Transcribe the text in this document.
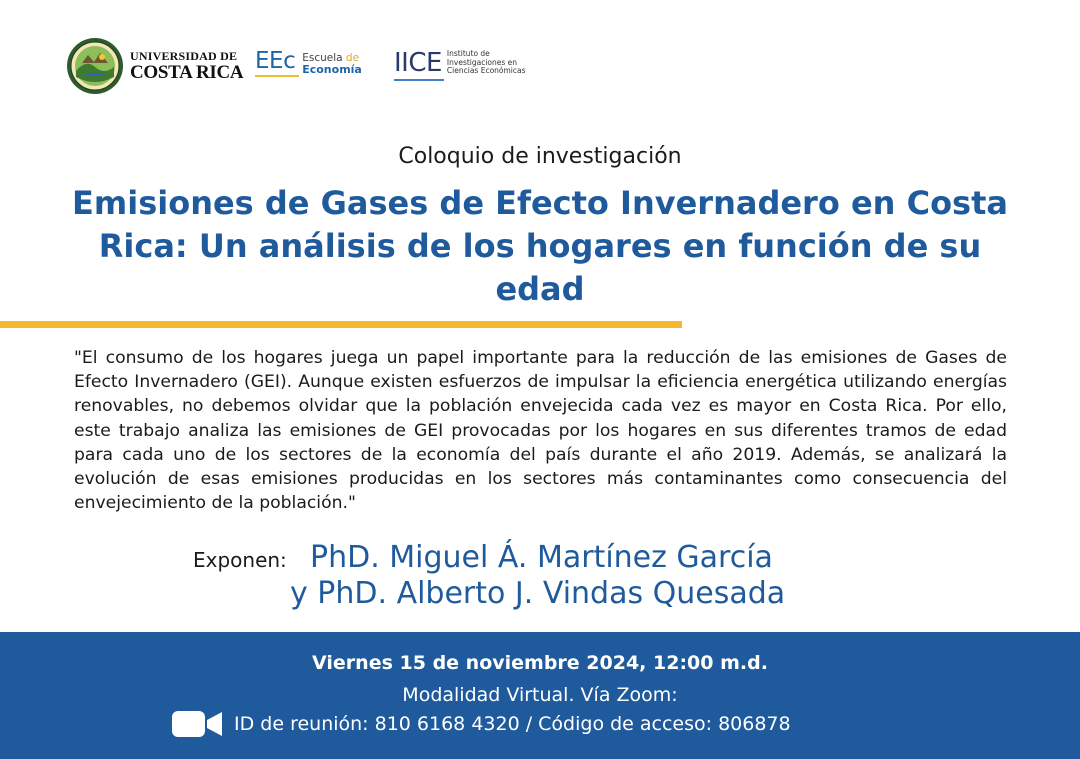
UNIVERSIDAD DE
COSTA RICA EEc Escuela de
Economía IICE Instituto de
Investigaciones en
Ciencias Económicas
Coloquio de investigación
Emisiones de Gases de Efecto Invernadero en Costa Rica: Un análisis de los hogares en función de su edad
"El consumo de los hogares juega un papel importante para la reducción de las emisiones de Gases de Efecto Invernadero (GEI). Aunque existen esfuerzos de impulsar la eficiencia energética utilizando energías renovables, no debemos olvidar que la población envejecida cada vez es mayor en Costa Rica. Por ello, este trabajo analiza las emisiones de GEI provocadas por los hogares en sus diferentes tramos de edad para cada uno de los sectores de la economía del país durante el año 2019. Además, se analizará la evolución de esas emisiones producidas en los sectores más contaminantes como consecuencia del envejecimiento de la población."
Exponen: PhD. Miguel Á. Martínez García
y PhD. Alberto J. Vindas Quesada
Viernes 15 de noviembre 2024, 12:00 m.d.
Modalidad Virtual. Vía Zoom:
ID de reunión: 810 6168 4320 / Código de acceso: 806878
